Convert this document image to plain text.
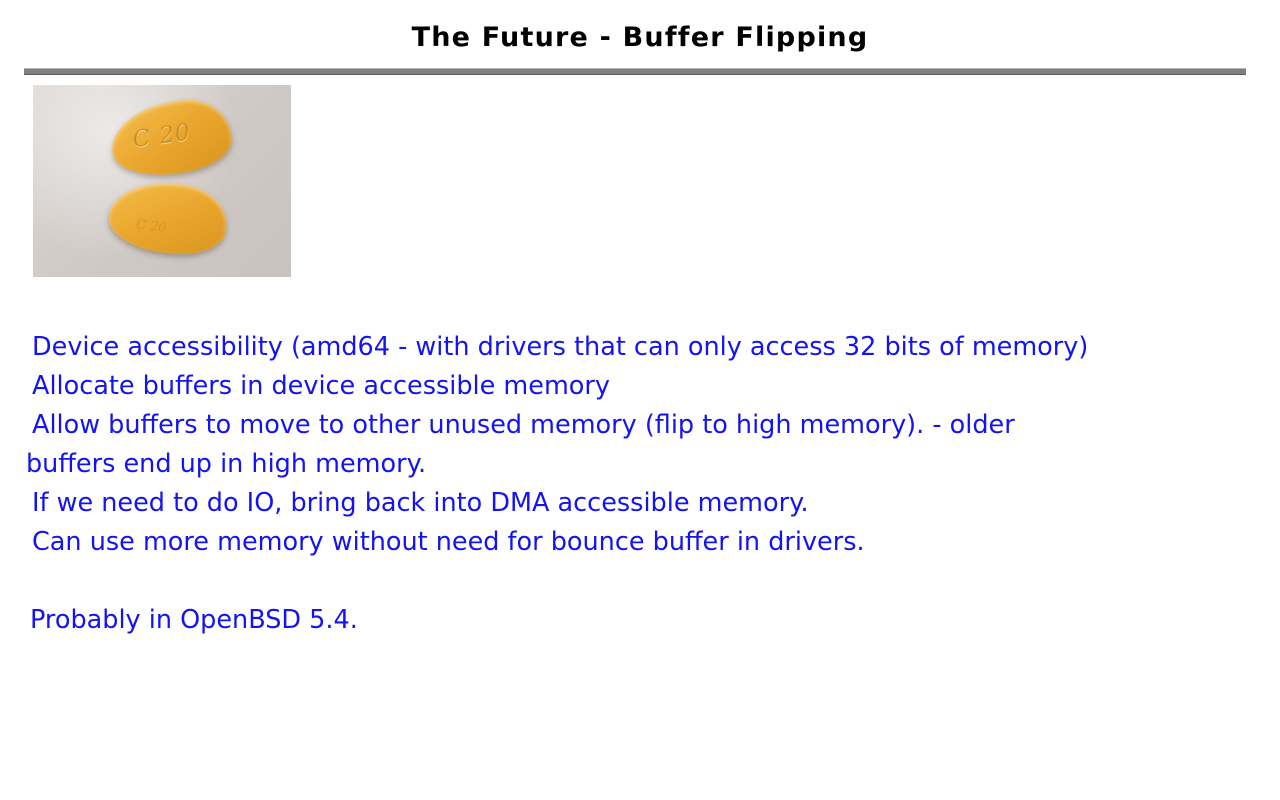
The Future - Buffer Flipping
C 20
C 20
Device accessibility (amd64 - with drivers that can only access 32 bits of memory)
Allocate buffers in device accessible memory
Allow buffers to move to other unused memory (flip to high memory). - older
buffers end up in high memory.
If we need to do IO, bring back into DMA accessible memory.
Can use more memory without need for bounce buffer in drivers.
Probably in OpenBSD 5.4.
